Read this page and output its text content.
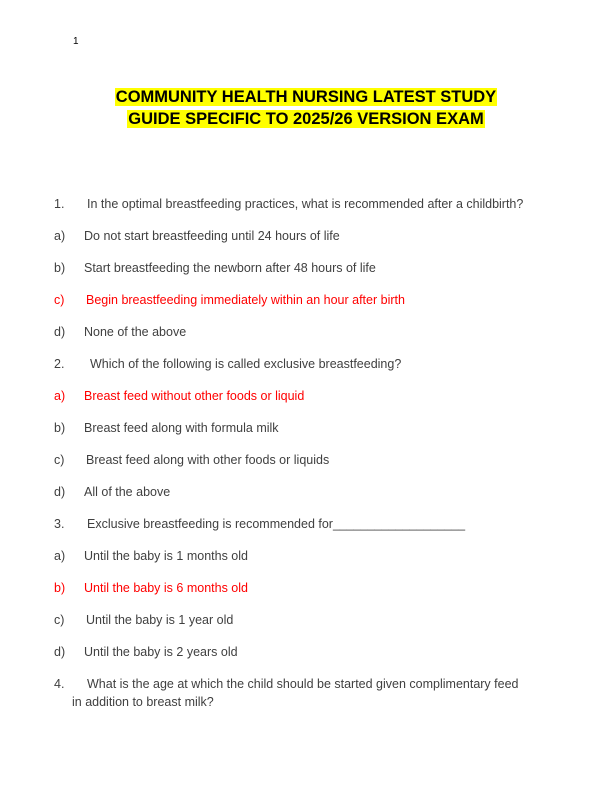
1
COMMUNITY HEALTH NURSING LATEST STUDY
GUIDE SPECIFIC TO 2025/26 VERSION EXAM
1. In the optimal breastfeeding practices, what is recommended after a childbirth?
a) Do not start breastfeeding until 24 hours of life
b) Start breastfeeding the newborn after 48 hours of life
c) Begin breastfeeding immediately within an hour after birth
d) None of the above
2. Which of the following is called exclusive breastfeeding?
a) Breast feed without other foods or liquid
b) Breast feed along with formula milk
c) Breast feed along with other foods or liquids
d) All of the above
3. Exclusive breastfeeding is recommended for___________________
a) Until the baby is 1 months old
b) Until the baby is 6 months old
c) Until the baby is 1 year old
d) Until the baby is 2 years old
4. What is the age at which the child should be started given complimentary feed
in addition to breast milk?
